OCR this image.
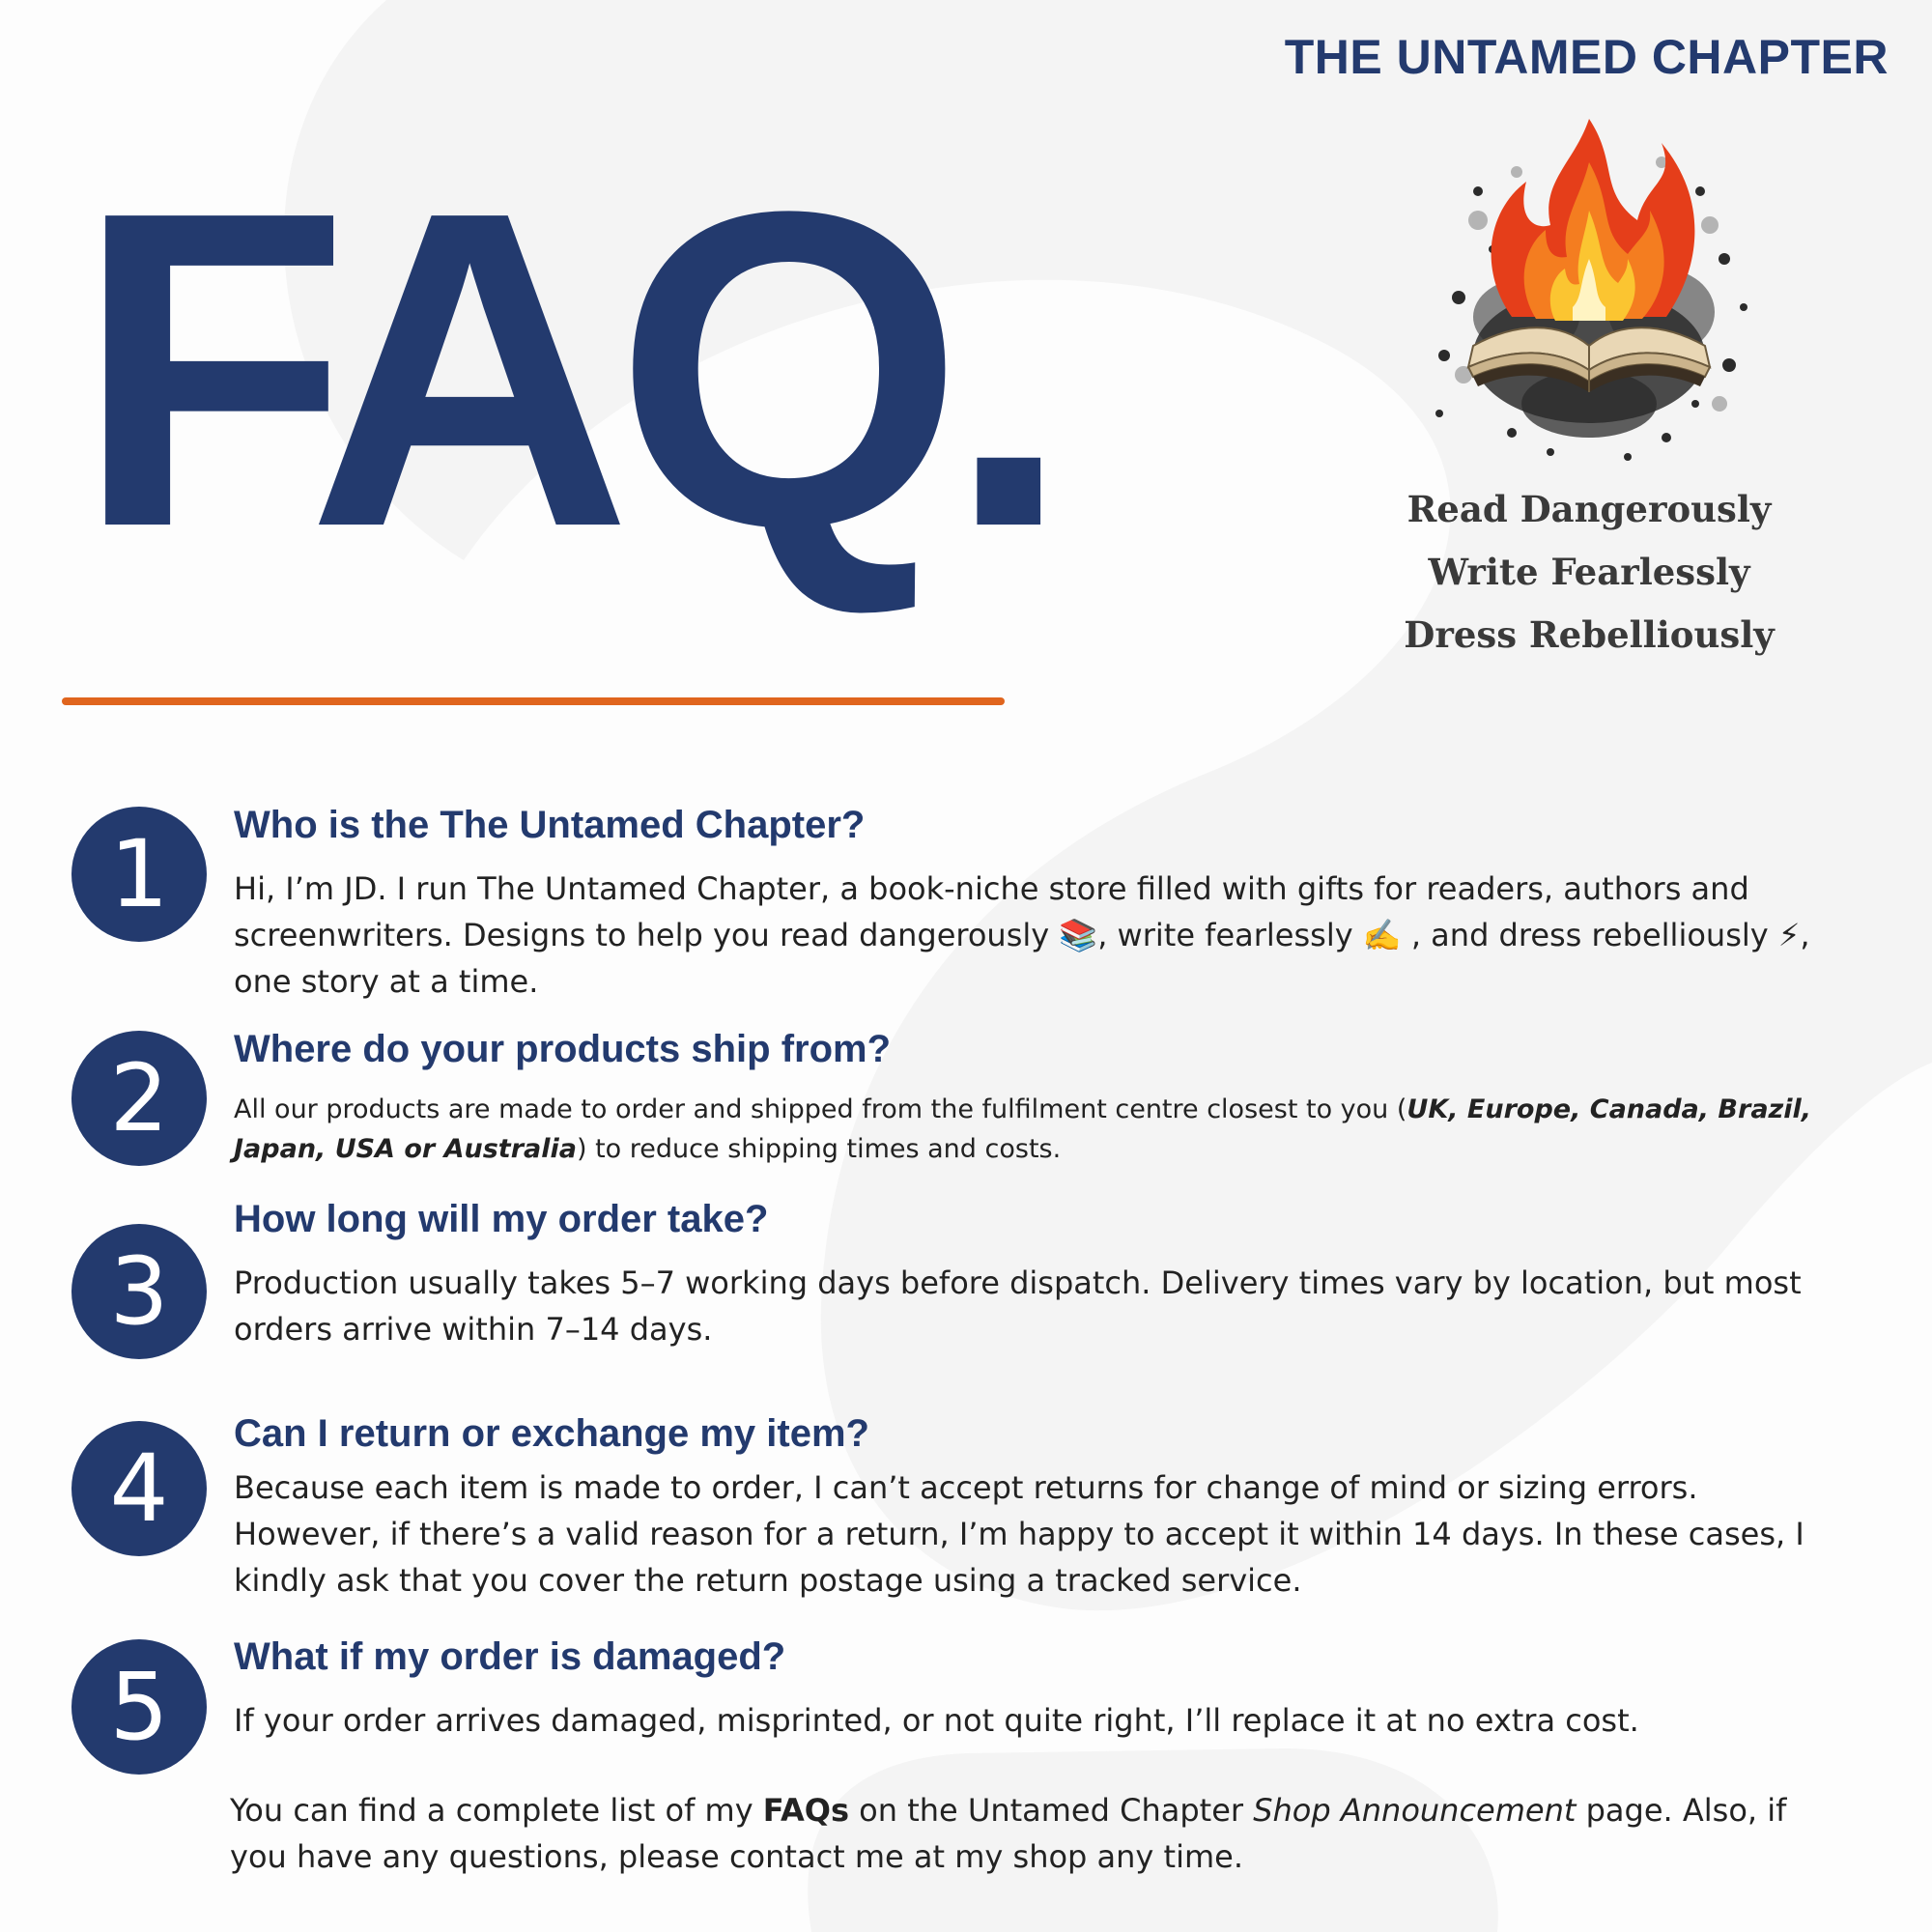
THE UNTAMED CHAPTER
Read Dangerously
Write Fearlessly
Dress Rebelliously
FAQ.
1	Who is the The Untamed Chapter?

Hi, I’m JD. I run The Untamed Chapter, a book-niche store filled with gifts for readers, authors and screenwriters. Designs to help you read dangerously 📚, write fearlessly ✍️ , and dress rebelliously ⚡, one story at a time.

2	Where do your products ship from?

All our products are made to order and shipped from the fulfilment centre closest to you (UK, Europe, Canada, Brazil, Japan, USA or Australia) to reduce shipping times and costs.

3
How long will my order take?

Production usually takes 5–7 working days before dispatch. Delivery times vary by location, but most orders arrive within 7–14 days.

4
Can I return or exchange my item?

Because each item is made to order, I can’t accept returns for change of mind or sizing errors. However, if there’s a valid reason for a return, I’m happy to accept it within 14 days. In these cases, I kindly ask that you cover the return postage using a tracked service.

5	What if my order is damaged?

If your order arrives damaged, misprinted, or not quite right, I’ll replace it at no extra cost.

You can find a complete list of my FAQs on the Untamed Chapter Shop Announcement page. Also, if you have any questions, please contact me at my shop any time.
